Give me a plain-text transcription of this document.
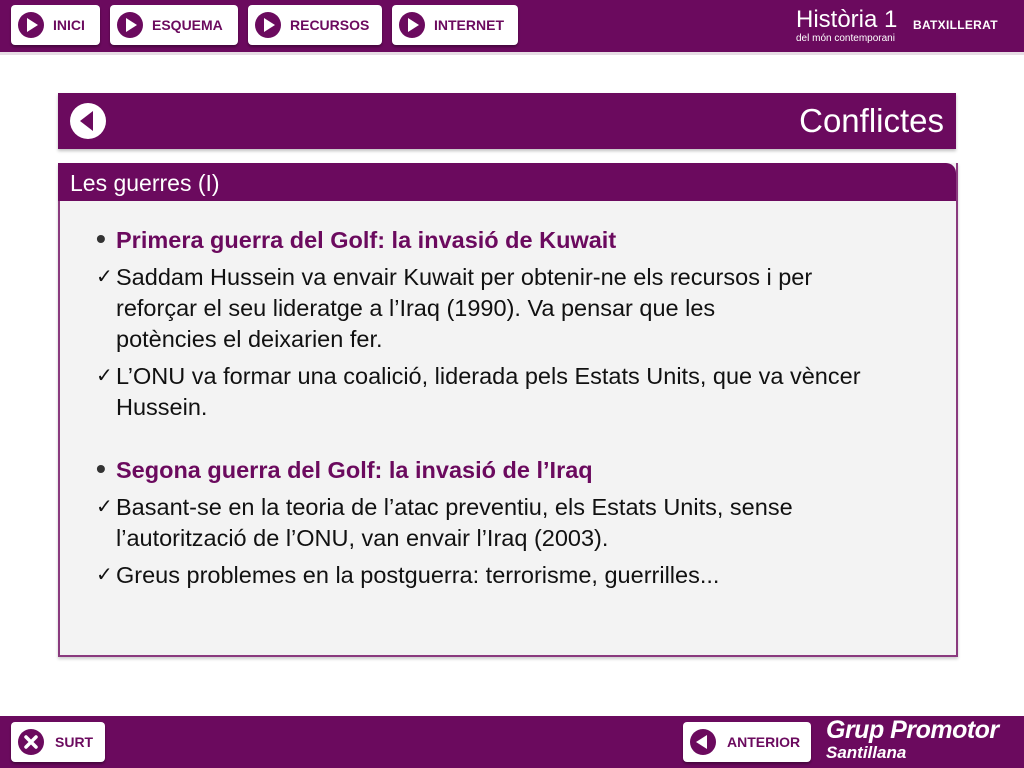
INICI	ESQUEMA	RECURSOS	INTERNET	Història 1 BATXILLERAT
del món contemporani
Conflictes
Les guerres (I)
• Primera guerra del Golf: la invasió de Kuwait
✓ Saddam Hussein va envair Kuwait per obtenir-ne els recursos i per reforçar el seu lideratge a l’Iraq (1990). Va pensar que les potències el deixarien fer.
✓ L’ONU va formar una coalició, liderada pels Estats Units, que va vèncer Hussein.
• Segona guerra del Golf: la invasió de l’Iraq
✓ Basant-se en la teoria de l’atac preventiu, els Estats Units, sense l’autorització de l’ONU, van envair l’Iraq (2003).
✓ Greus problemes en la postguerra: terrorisme, guerrilles...
SURT	ANTERIOR Grup Promotor
Santillana
